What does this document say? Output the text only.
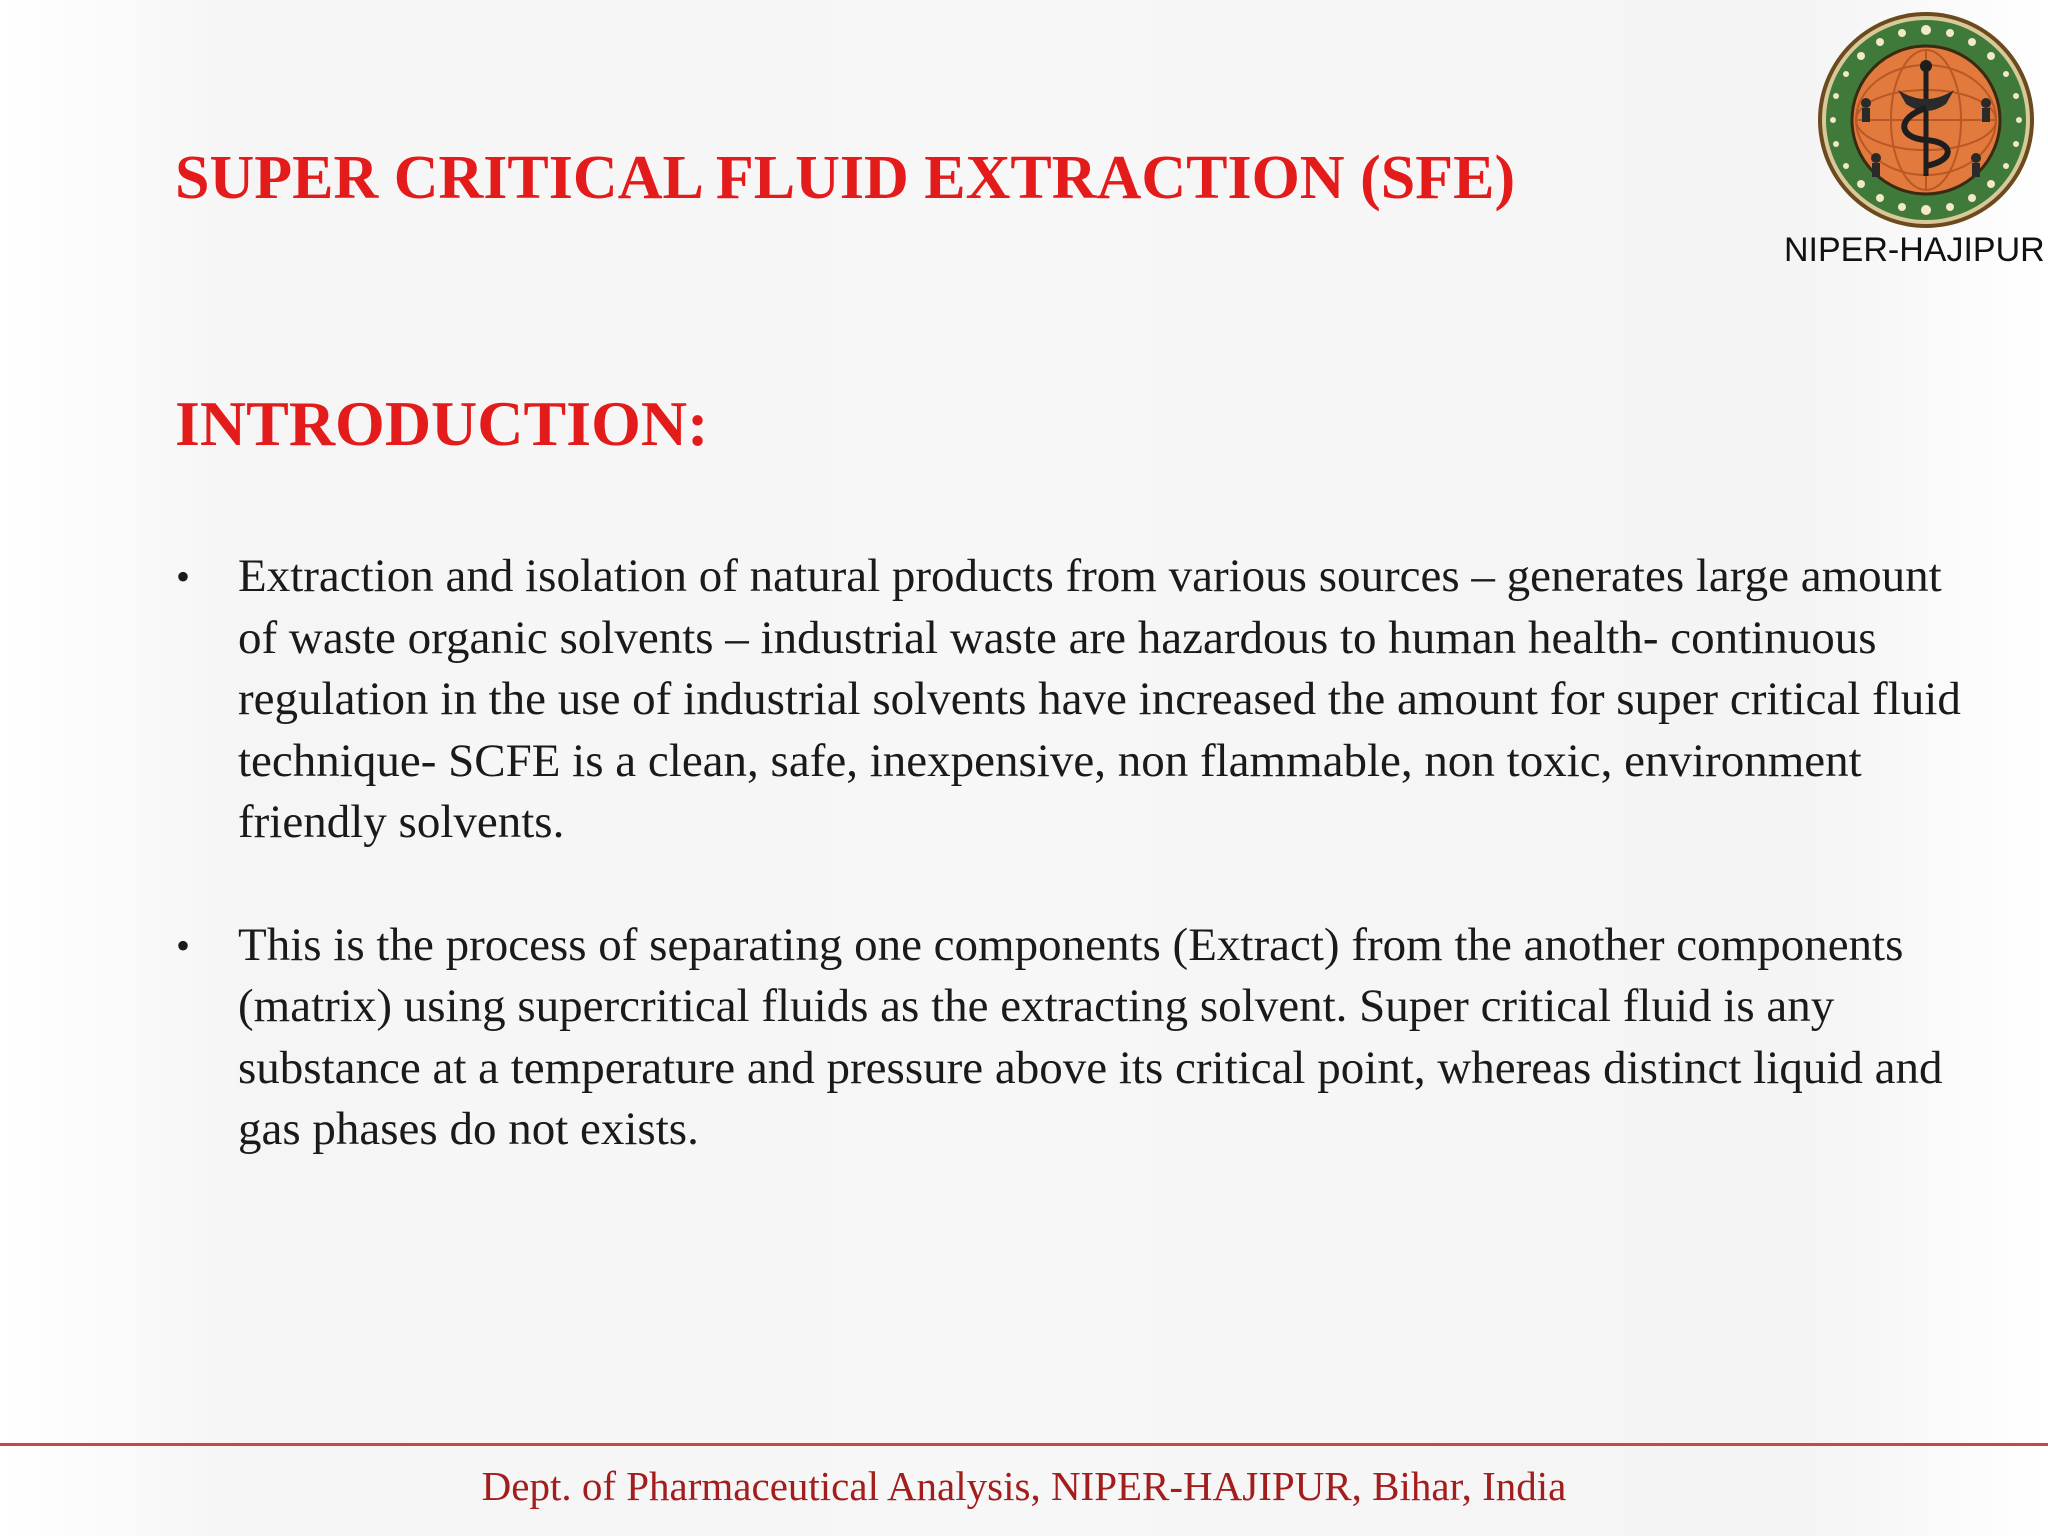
SUPER CRITICAL FLUID EXTRACTION (SFE)
NIPER-HAJIPUR
INTRODUCTION:
• Extraction and isolation of natural products from various sources – generates large amount of waste organic solvents – industrial waste are hazardous to human health- continuous regulation in the use of industrial solvents have increased the amount for super critical fluid technique- SCFE is a clean, safe, inexpensive, non flammable, non toxic, environment friendly solvents.
• This is the process of separating one components (Extract) from the another components (matrix) using supercritical fluids as the extracting solvent. Super critical fluid is any substance at a temperature and pressure above its critical point, whereas distinct liquid and gas phases do not exists.
Dept. of Pharmaceutical Analysis, NIPER-HAJIPUR, Bihar, India
